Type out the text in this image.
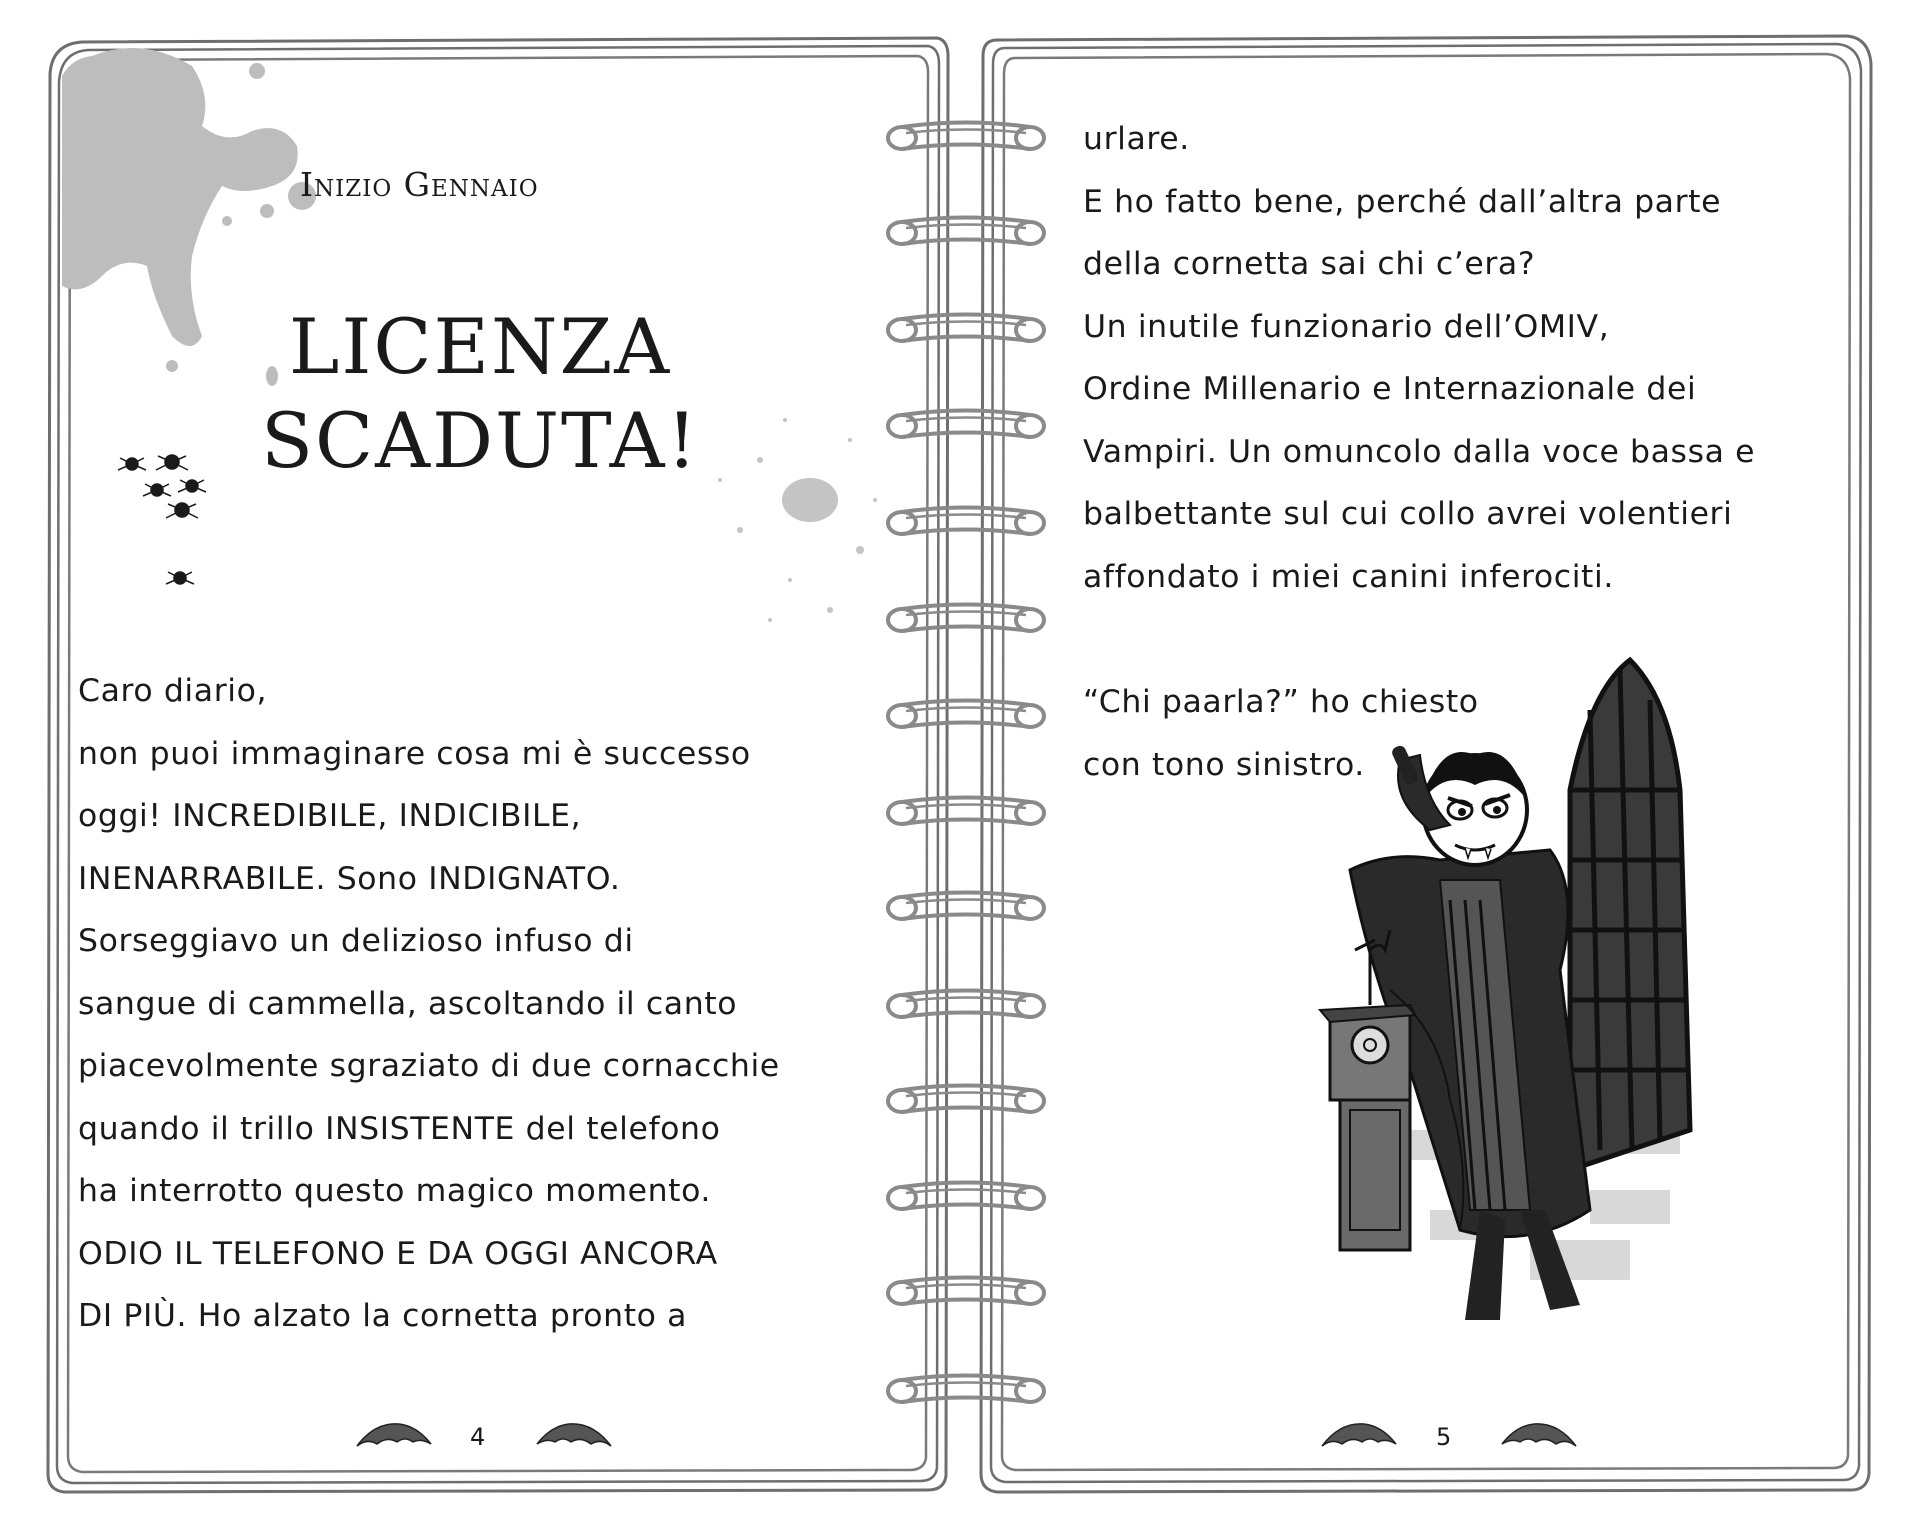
Inizio Gennaio
LICENZA
SCADUTA!
Caro diario,
non puoi immaginare cosa mi è successo
oggi! INCREDIBILE, INDICIBILE,
INENARRABILE. Sono INDIGNATO.
Sorseggiavo un delizioso infuso di
sangue di cammella, ascoltando il canto
piacevolmente sgraziato di due cornacchie
quando il trillo INSISTENTE del telefono
ha interrotto questo magico momento.
ODIO IL TELEFONO E DA OGGI ANCORA
DI PIÙ. Ho alzato la cornetta pronto a
urlare.
E ho fatto bene, perché dall’altra parte
della cornetta sai chi c’era?
Un inutile funzionario dell’OMIV,
Ordine Millenario e Internazionale dei
Vampiri. Un omuncolo dalla voce bassa e
balbettante sul cui collo avrei volentieri
affondato i miei canini inferociti.
“Chi paarla?” ho chiesto
con tono sinistro.
4	5
